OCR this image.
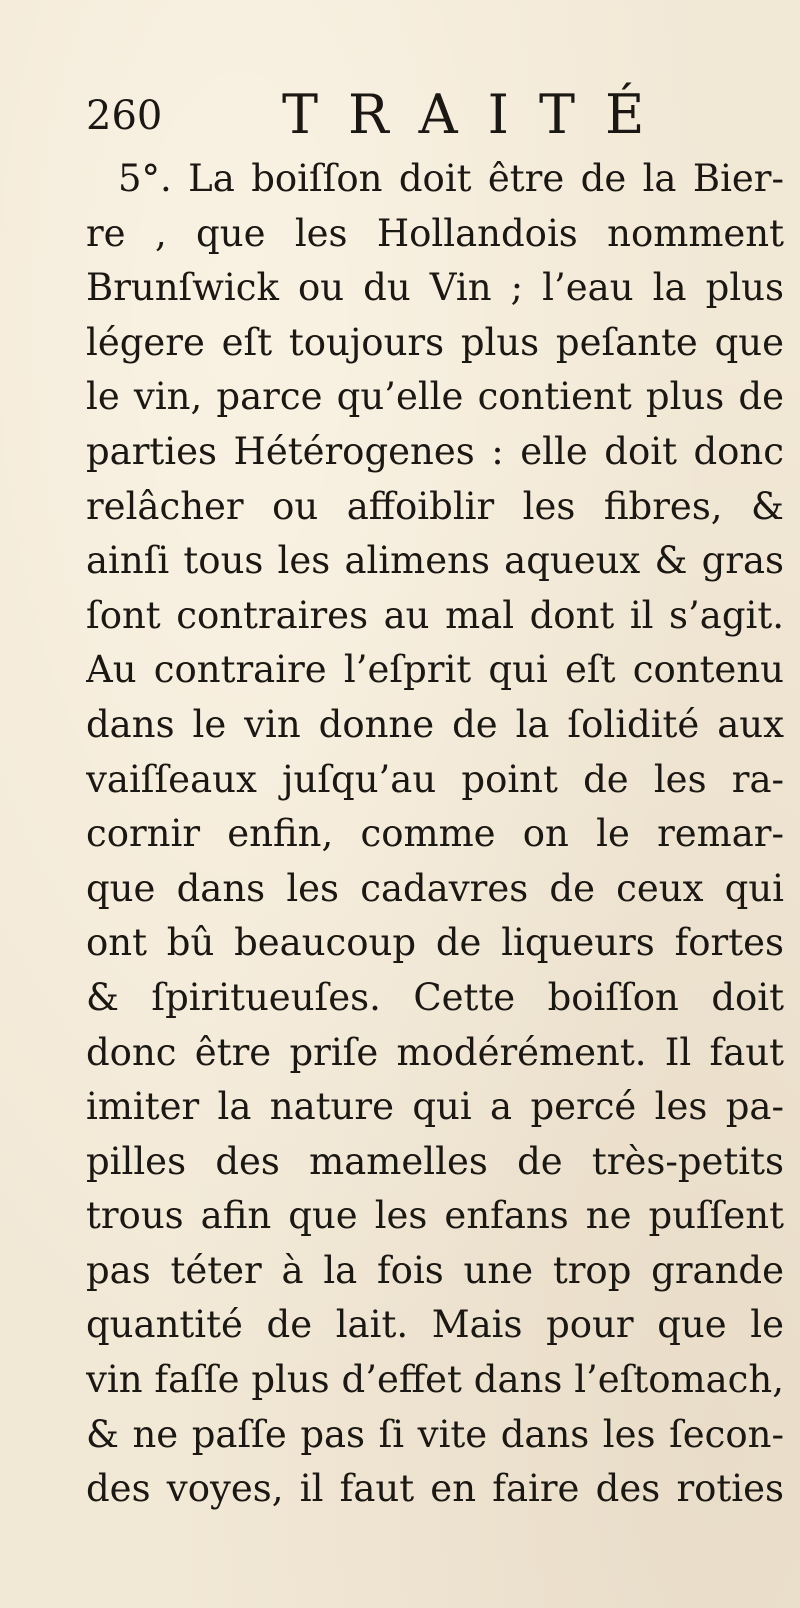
260 TRAITÉ
5°. La boiſſon doit être de la Bier-
re , que les Hollandois nomment
Brunſwick ou du Vin ; l’eau la plus
légere eſt toujours plus peſante que
le vin, parce qu’elle contient plus de
parties Hétérogenes : elle doit donc
relâcher ou affoiblir les fibres, &
ainſi tous les alimens aqueux & gras
ſont contraires au mal dont il s’agit.
Au contraire l’eſprit qui eſt contenu
dans le vin donne de la ſolidité aux
vaiſſeaux juſqu’au point de les ra-
cornir enfin, comme on le remar-
que dans les cadavres de ceux qui
ont bû beaucoup de liqueurs fortes
& ſpiritueuſes. Cette boiſſon doit
donc être priſe modérément. Il faut
imiter la nature qui a percé les pa-
pilles des mamelles de très-petits
trous afin que les enfans ne puſſent
pas téter à la fois une trop grande
quantité de lait. Mais pour que le
vin faſſe plus d’effet dans l’eſtomach,
& ne paſſe pas ſi vite dans les ſecon-
des voyes, il faut en faire des roties
